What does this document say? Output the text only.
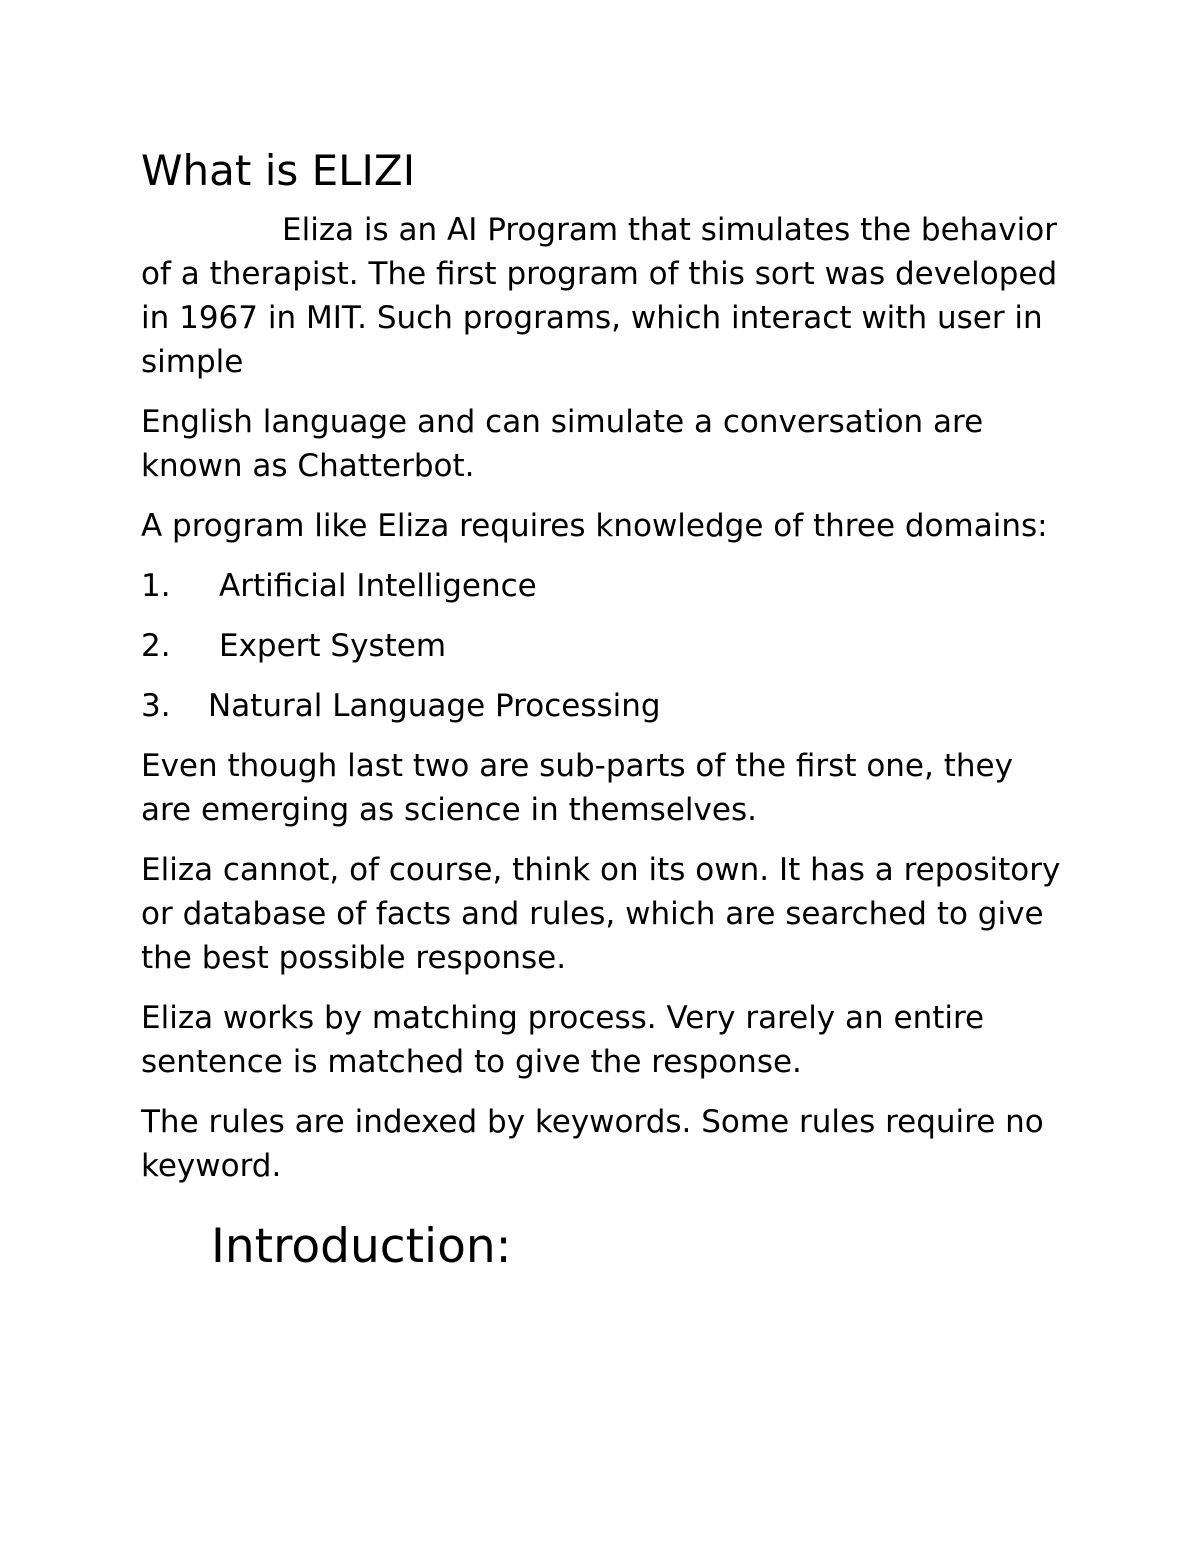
What is ELIZI

Eliza is an AI Program that simulates the behavior of a therapist. The first program of this sort was developed in 1967 in MIT. Such programs, which interact with user in simple

English language and can simulate a conversation are known as Chatterbot.

A program like Eliza requires knowledge of three domains:

1.	Artificial Intelligence
2.	Expert System
3.	Natural Language Processing

Even though last two are sub-parts of the first one, they are emerging as science in themselves.

Eliza cannot, of course, think on its own. It has a repository or database of facts and rules, which are searched to give the best possible response.

Eliza works by matching process. Very rarely an entire sentence is matched to give the response.

The rules are indexed by keywords. Some rules require no keyword.

Introduction:
